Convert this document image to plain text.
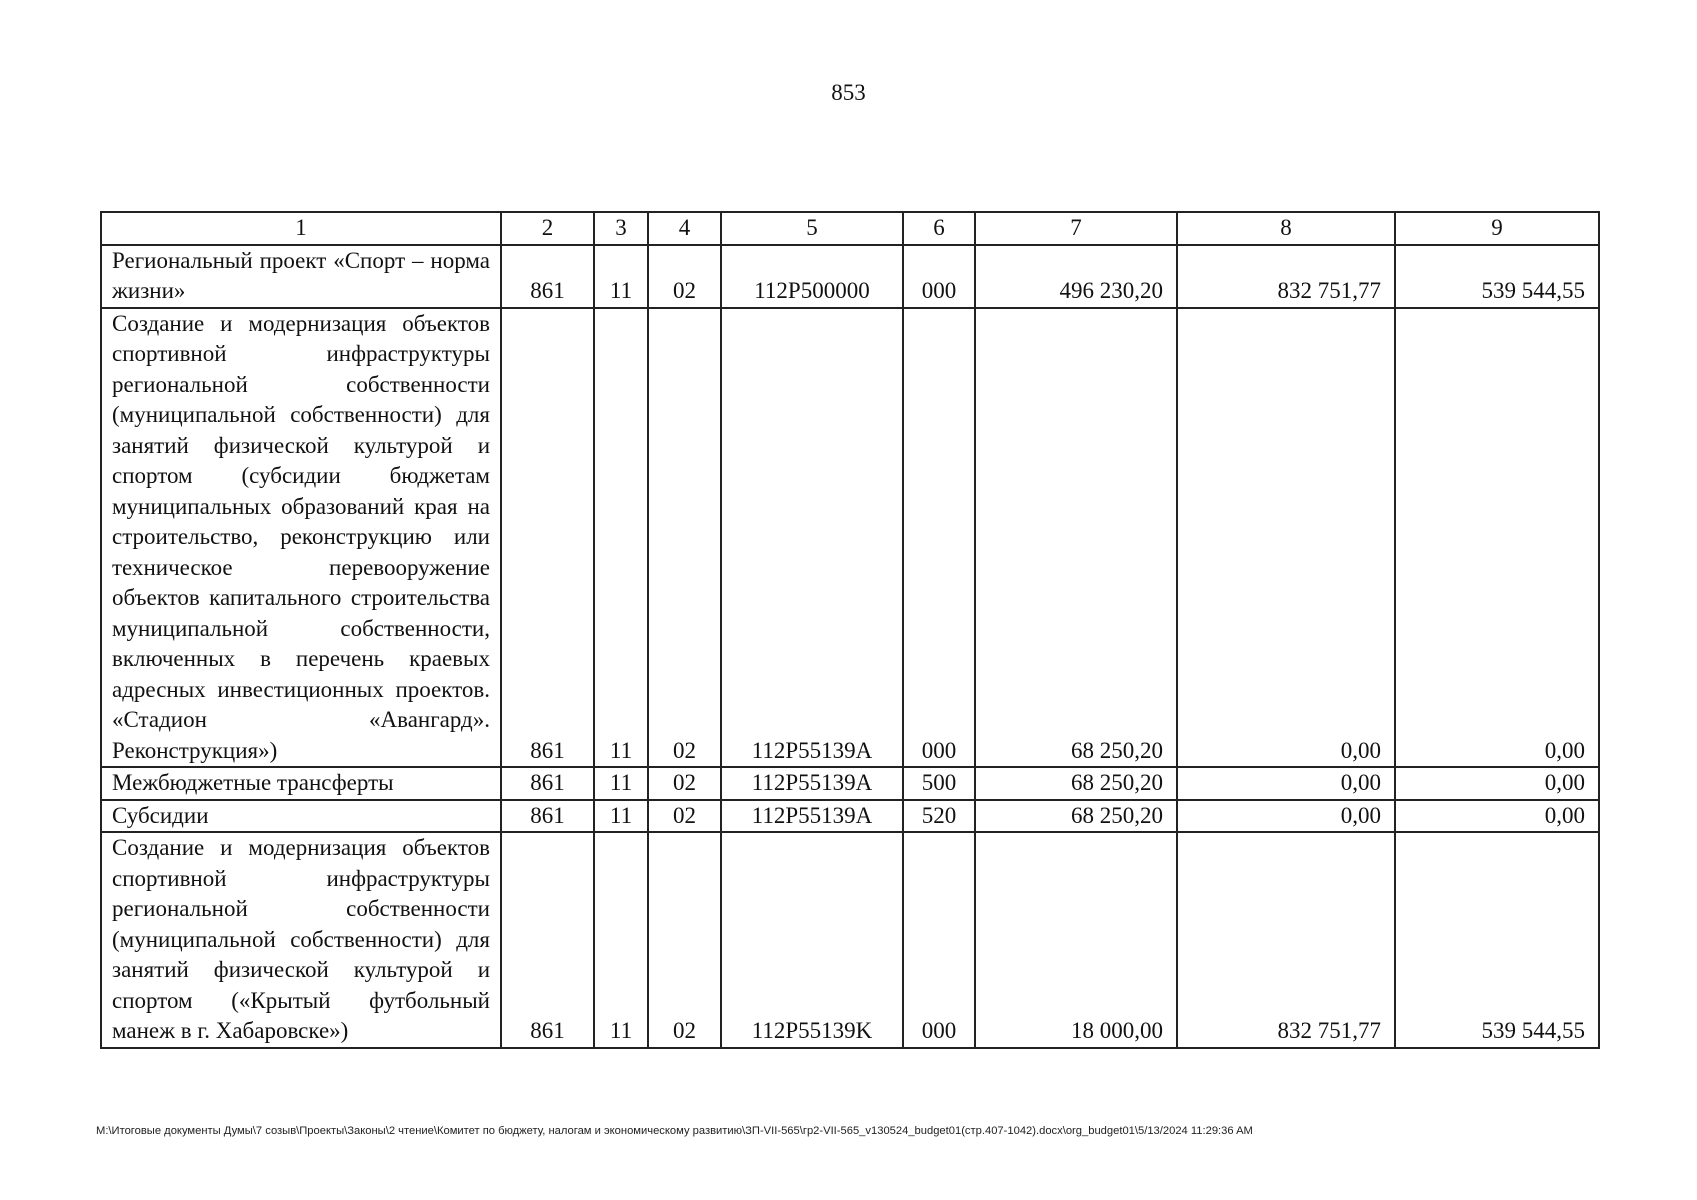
853
1	2	3	4	5	6	7	8	9
Региональный проект «Спорт – норма жизни»	861	11	02	112P500000	000	496 230,20	832 751,77	539 544,55
Создание и модернизация объектов спортивной инфраструктуры региональной собственности (муниципальной собственности) для занятий физической культурой и спортом (субсидии бюджетам муниципальных образований края на строительство, реконструкцию или техническое перевооружение объектов капитального строительства муниципальной собственности, включенных в перечень краевых адресных инвестиционных проектов. «Стадион «Авангард». Реконструкция»)	861	11	02	112P55139A	000	68 250,20	0,00	0,00
Межбюджетные трансферты	861	11	02	112P55139A	500	68 250,20	0,00	0,00
Субсидии	861	11	02	112P55139A	520	68 250,20	0,00	0,00
Создание и модернизация объектов спортивной инфраструктуры региональной собственности (муниципальной собственности) для занятий физической культурой и спортом («Крытый футбольный манеж в г. Хабаровске»)	861	11	02	112P55139K	000	18 000,00	832 751,77	539 544,55
M:\Итоговые документы Думы\7 созыв\Проекты\Законы\2 чтение\Комитет по бюджету, налогам и экономическому развитию\ЗП-VII-565\гр2-VII-565_v130524_budget01(стр.407-1042).docx\org_budget01\5/13/2024 11:29:36 AM
